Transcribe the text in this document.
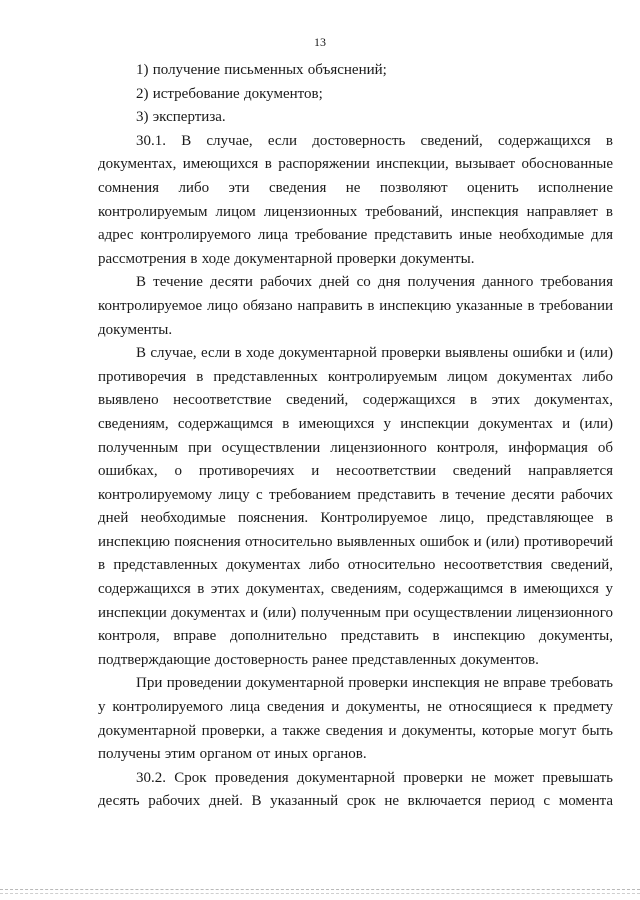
13

1) получение письменных объяснений;

2) истребование документов;

3) экспертиза.

30.1. В случае, если достоверность сведений, содержащихся в документах, имеющихся в распоряжении инспекции, вызывает обоснованные сомнения либо эти сведения не позволяют оценить исполнение контролируемым лицом лицензионных требований, инспекция направляет в адрес контролируемого лица требование представить иные необходимые для рассмотрения в ходе документарной проверки документы.

В течение десяти рабочих дней со дня получения данного требования контролируемое лицо обязано направить в инспекцию указанные в требовании документы.

В случае, если в ходе документарной проверки выявлены ошибки и (или) противоречия в представленных контролируемым лицом документах либо выявлено несоответствие сведений, содержащихся в этих документах, сведениям, содержащимся в имеющихся у инспекции документах и (или) полученным при осуществлении лицензионного контроля, информация об ошибках, о противоречиях и несоответствии сведений направляется контролируемому лицу с требованием представить в течение десяти рабочих дней необходимые пояснения. Контролируемое лицо, представляющее в инспекцию пояснения относительно выявленных ошибок и (или) противоречий в представленных документах либо относительно несоответствия сведений, содержащихся в этих документах, сведениям, содержащимся в имеющихся у инспекции документах и (или) полученным при осуществлении лицензионного контроля, вправе дополнительно представить в инспекцию документы, подтверждающие достоверность ранее представленных документов.

При проведении документарной проверки инспекция не вправе требовать у контролируемого лица сведения и документы, не относящиеся к предмету документарной проверки, а также сведения и документы, которые могут быть получены этим органом от иных органов.

30.2. Срок проведения документарной проверки не может превышать десять рабочих дней. В указанный срок не включается период с момента
